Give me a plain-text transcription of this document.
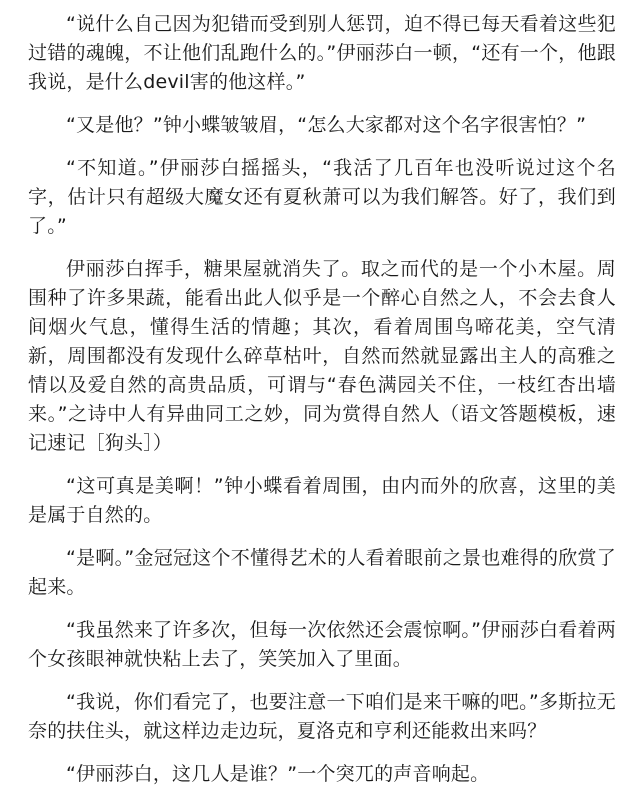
“说什么自己因为犯错而受到别人惩罚，迫不得已每天看着这些犯过错的魂魄，不让他们乱跑什么的。”伊丽莎白一顿，“还有一个，他跟我说，是什么devil害的他这样。”

“又是他？”钟小蝶皱皱眉，“怎么大家都对这个名字很害怕？”

“不知道。”伊丽莎白摇摇头，“我活了几百年也没听说过这个名字，估计只有超级大魔女还有夏秋萧可以为我们解答。好了，我们到了。”

伊丽莎白挥手，糖果屋就消失了。取之而代的是一个小木屋。周围种了许多果蔬，能看出此人似乎是一个醉心自然之人，不会去食人间烟火气息，懂得生活的情趣；其次，看着周围鸟啼花美，空气清新，周围都没有发现什么碎草枯叶，自然而然就显露出主人的高雅之情以及爱自然的高贵品质，可谓与“春色满园关不住，一枝红杏出墙来。”之诗中人有异曲同工之妙，同为赏得自然人（语文答题模板，速记速记［狗头］）

“这可真是美啊！”钟小蝶看着周围，由内而外的欣喜，这里的美是属于自然的。

“是啊。”金冠冠这个不懂得艺术的人看着眼前之景也难得的欣赏了起来。

“我虽然来了许多次，但每一次依然还会震惊啊。”伊丽莎白看着两个女孩眼神就快粘上去了，笑笑加入了里面。

“我说，你们看完了，也要注意一下咱们是来干嘛的吧。”多斯拉无奈的扶住头，就这样边走边玩，夏洛克和亨利还能救出来吗？

“伊丽莎白，这几人是谁？”一个突兀的声音响起。
